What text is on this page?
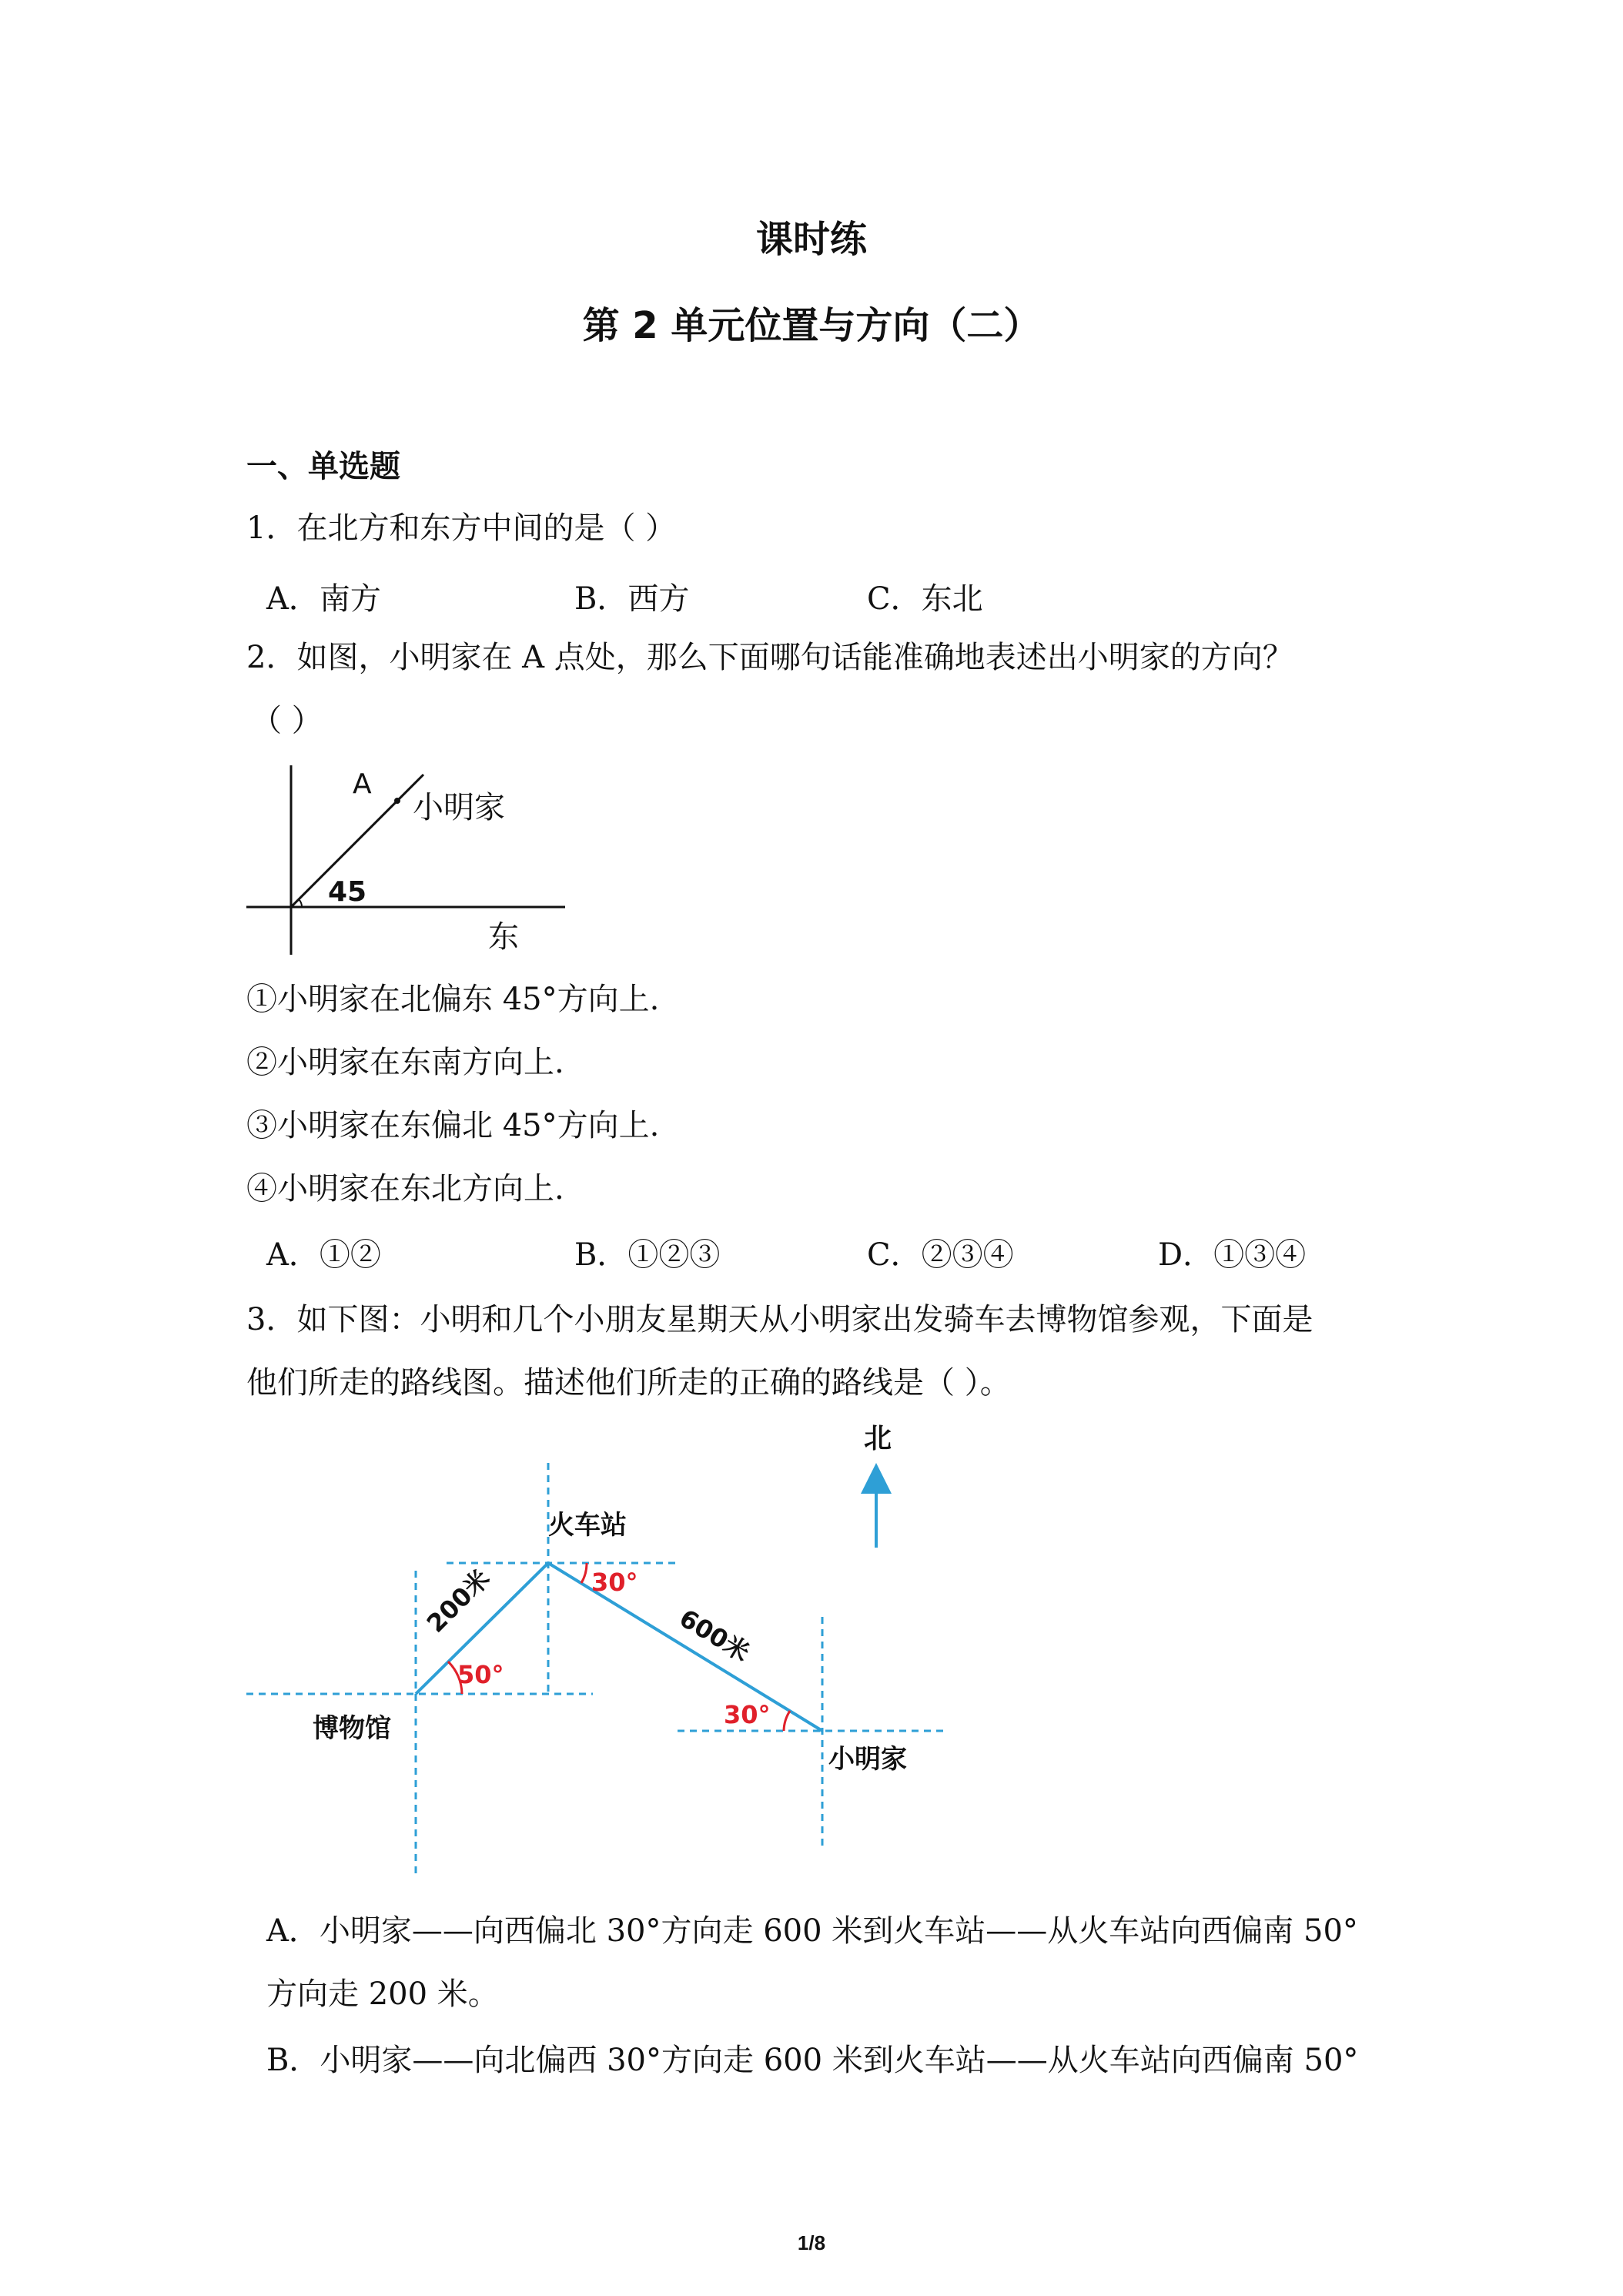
课时练
第 2 单元位置与方向（二）
一、单选题
1．在北方和东方中间的是（ ）
A．南方	B．西方	C．东北
2．如图，小明家在 A 点处，那么下面哪句话能准确地表述出小明家的方向？
（ ）
A
小明家
45
东
①小明家在北偏东 45°方向上.
②小明家在东南方向上.
③小明家在东偏北 45°方向上.
④小明家在东北方向上.
A．①②	B．①②③	C．②③④	D．①③④
3．如下图：小明和几个小朋友星期天从小明家出发骑车去博物馆参观，下面是
他们所走的路线图。描述他们所走的正确的路线是（ ）。
北
火车站
博物馆
小明家
200米	600米
50°
30°
30°
A．小明家——向西偏北 30°方向走 600 米到火车站——从火车站向西偏南 50°
方向走 200 米。
B．小明家——向北偏西 30°方向走 600 米到火车站——从火车站向西偏南 50°
1/8
